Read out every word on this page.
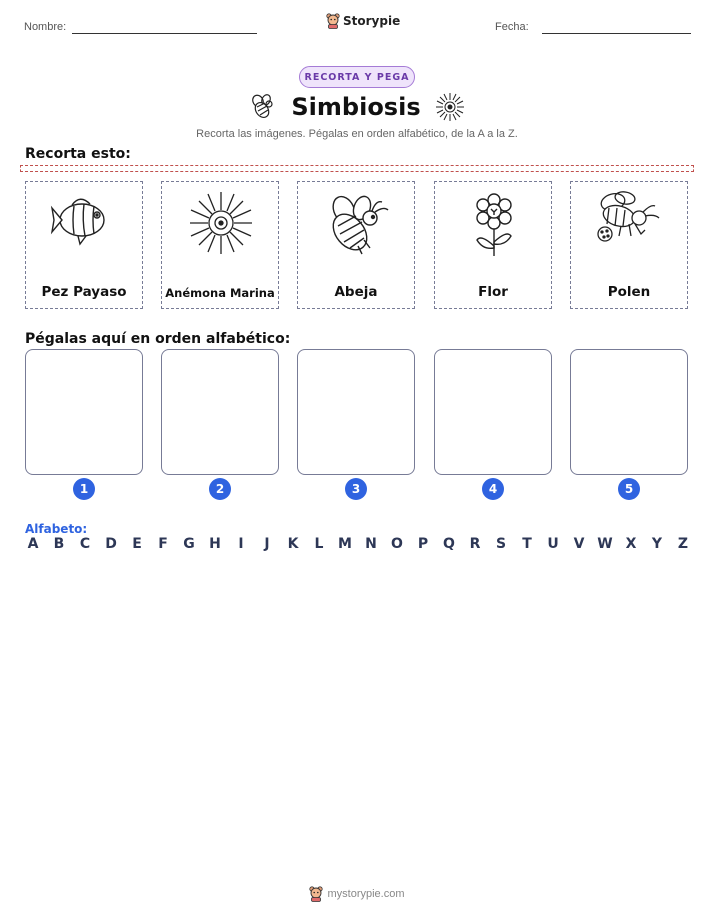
Nombre:	Storypie	Fecha:
RECORTA Y PEGA
Simbiosis
Recorta las imágenes. Pégalas en orden alfabético, de la A a la Z.
Recorta esto:
Pez Payaso	Anémona Marina	Abeja	Flor	Polen
Pégalas aquí en orden alfabético:
1	2	3	4	5
Alfabeto:
A B C D E F G H	I	J	K L M N O P Q R S T U V W X Y Z
mystorypie.com
